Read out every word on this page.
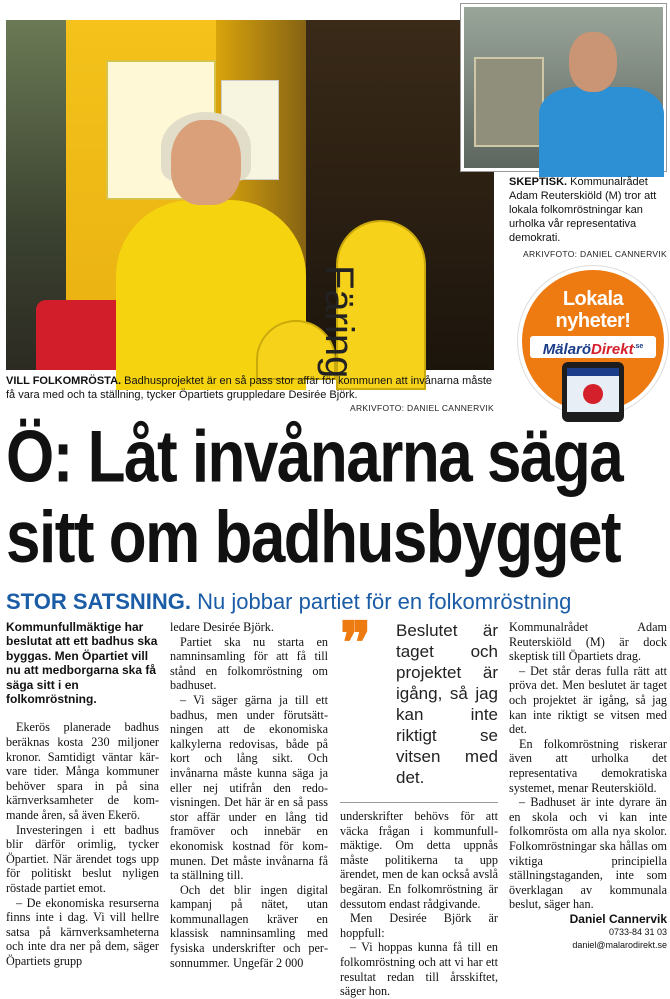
Färing
VILL FOLKOMRÖSTA. Badhusprojektet är en så pass stor affär för kommunen att invånarna måste få vara med och ta ställning, tycker Öpartiets gruppledare Desirée Björk.
ARKIVFOTO: DANIEL CANNERVIK
SKEPTISK. Kommunalrådet Adam Reuterskiöld (M) tror att lokala folkomröstningar kan urholka vår representativa demokrati.
ARKIVFOTO: DANIEL CANNERVIK
Lokala
nyheter!
MälaröDirekt$^{.se}$
Ö: Låt invånarna säga sitt om badhusbygget
STOR SATSNING. Nu jobbar partiet för en folkomröstning

Kommunfullmäktige har beslutat att ett badhus ska byggas. Men Öpartiet vill nu att medborgarna ska få säga sitt i en folkomröstning.

Ekerös planerade badhus beräknas kosta 230 miljoner kronor. Samtidigt väntar kärvare tider. Många kommuner behöver spara in på sina kärnverksamheter de kommande åren, så även Ekerö.

Investeringen i ett badhus blir därför orimlig, tycker Öpartiet. När ärendet togs upp för politiskt beslut nyligen röstade partiet emot.

– De ekonomiska resurserna finns inte i dag. Vi vill hellre satsa på kärnverksamheterna och inte dra ner på dem, säger Öpartiets grupp

ledare Desirée Björk.

Partiet ska nu starta en namninsamling för att få till stånd en folkomröstning om badhuset.

– Vi säger gärna ja till ett badhus, men under förutsättningen att de ekonomiska kalkylerna redovisas, både på kort och lång sikt. Och invånarna måste kunna säga ja eller nej utifrån den redovisningen. Det här är en så pass stor affär under en lång tid framöver och innebär en ekonomisk kostnad för kommunen. Det måste invånarna få ta ställning till.

Och det blir ingen digital kampanj på nätet, utan kommunallagen kräver en klassisk namninsamling med fysiska underskrifter och personnummer. Ungefär 2 000

❞ Beslutet är taget och projektet är igång, så jag kan inte riktigt se vitsen med det.

underskrifter behövs för att väcka frågan i kommunfullmäktige. Om detta uppnås måste politikerna ta upp ärendet, men de kan också avslå begäran. En folkomröstning är dessutom endast rådgivande.

Men Desirée Björk är hoppfull:

– Vi hoppas kunna få till en folkomröstning och att vi har ett resultat redan till årsskiftet, säger hon.

Kommunalrådet Adam Reuterskiöld (M) är dock skeptisk till Öpartiets drag.

– Det står deras fulla rätt att pröva det. Men beslutet är taget och projektet är igång, så jag kan inte riktigt se vitsen med det.

En folkomröstning riskerar även att urholka det representativa demokratiska systemet, menar Reuterskiöld.

– Badhuset är inte dyrare än en skola och vi kan inte folkomrösta om alla nya skolor. Folkomröstningar ska hållas om viktiga principiella ställningstaganden, inte som överklagan av kommunala beslut, säger han.

Daniel Cannervik

0733-84 31 03

daniel@malarodirekt.se
